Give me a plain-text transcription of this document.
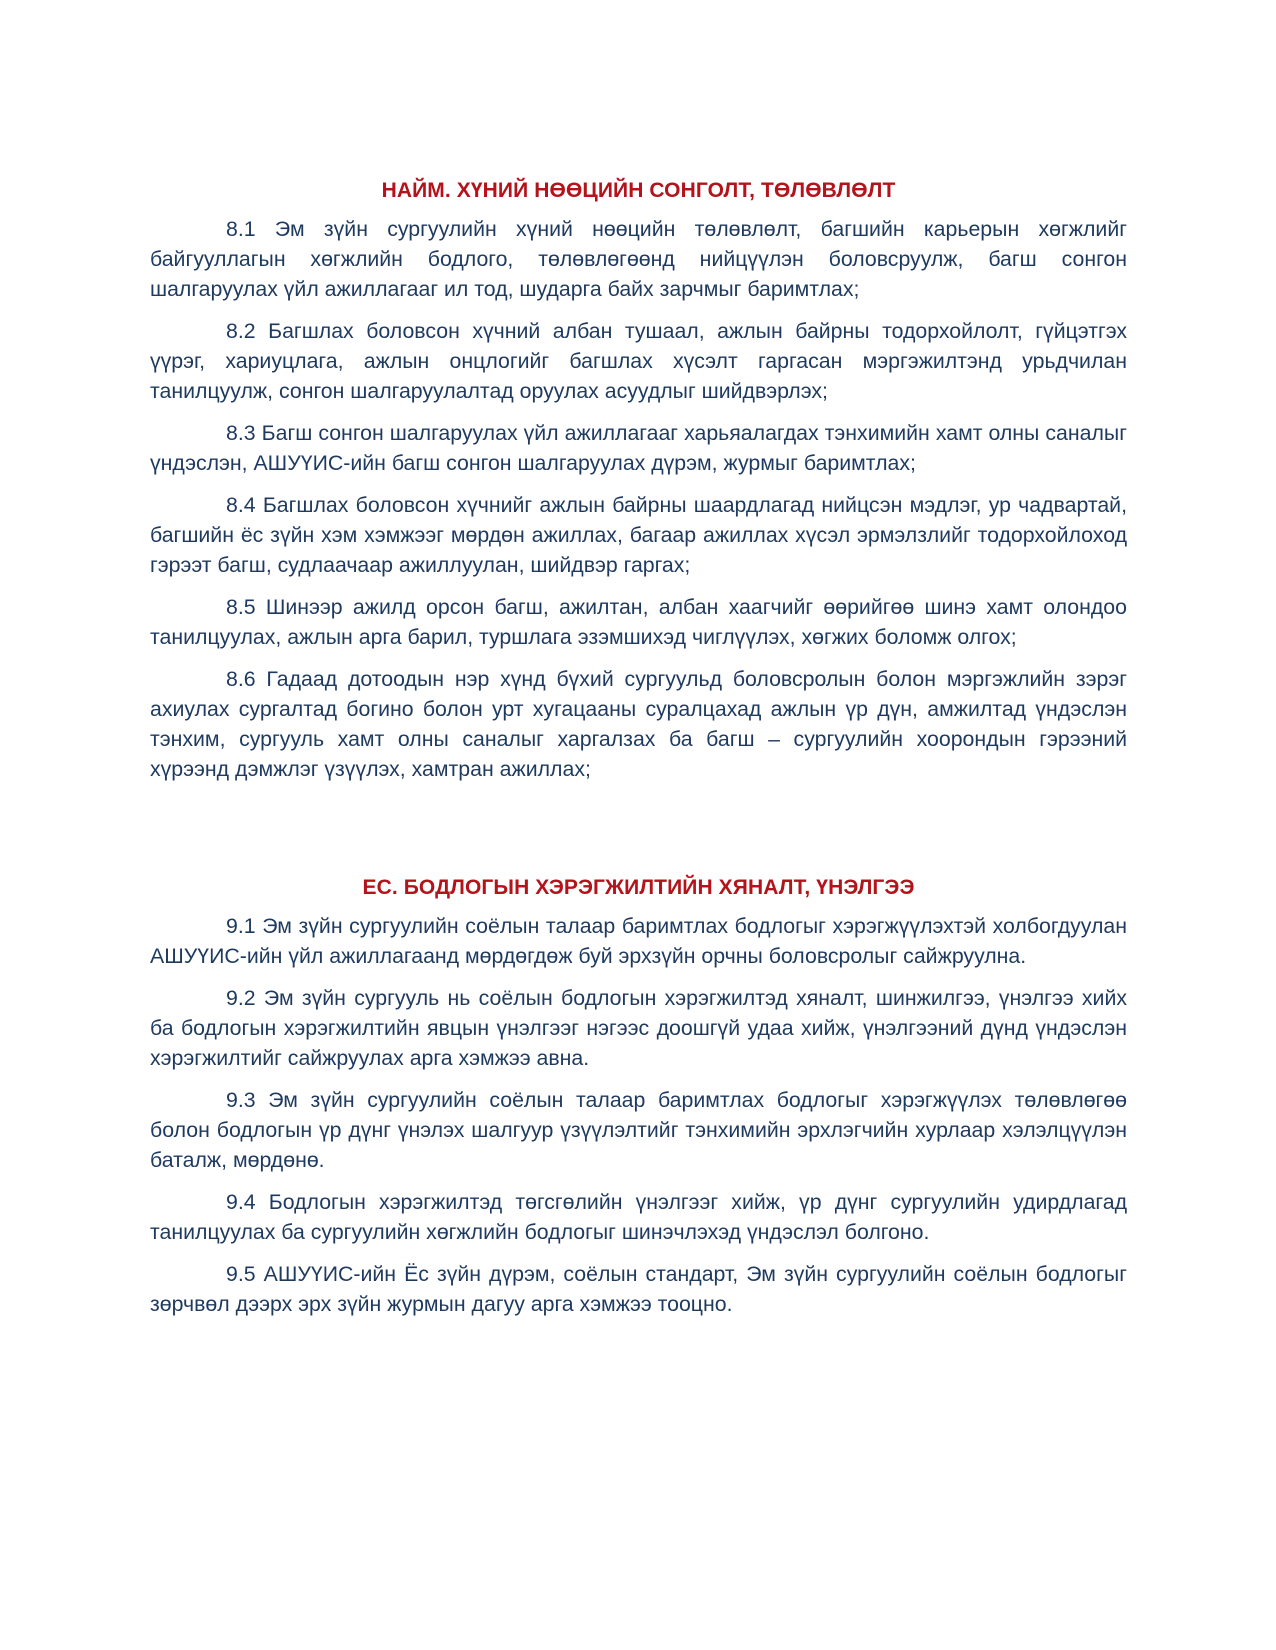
НАЙМ. ХҮНИЙ НӨӨЦИЙН СОНГОЛТ, ТӨЛӨВЛӨЛТ

8.1 Эм зүйн сургуулийн хүний нөөцийн төлөвлөлт, багшийн карьерын хөгжлийг байгууллагын хөгжлийн бодлого, төлөвлөгөөнд нийцүүлэн боловсруулж, багш сонгон шалгаруулах үйл ажиллагааг ил тод, шударга байх зарчмыг баримтлах;

8.2 Багшлах боловсон хүчний албан тушаал, ажлын байрны тодорхойлолт, гүйцэтгэх үүрэг, хариуцлага, ажлын онцлогийг багшлах хүсэлт гаргасан мэргэжилтэнд урьдчилан танилцуулж, сонгон шалгаруулалтад оруулах асуудлыг шийдвэрлэх;

8.3 Багш сонгон шалгаруулах үйл ажиллагааг харьяалагдах тэнхимийн хамт олны саналыг үндэслэн, АШУҮИС-ийн багш сонгон шалгаруулах дүрэм, журмыг баримтлах;

8.4 Багшлах боловсон хүчнийг ажлын байрны шаардлагад нийцсэн мэдлэг, ур чадвартай, багшийн ёс зүйн хэм хэмжээг мөрдөн ажиллах, багаар ажиллах хүсэл эрмэлзлийг тодорхойлоход гэрээт багш, судлаачаар ажиллуулан, шийдвэр гаргах;

8.5 Шинээр ажилд орсон багш, ажилтан, албан хаагчийг өөрийгөө шинэ хамт олондоо танилцуулах, ажлын арга барил, туршлага эзэмшихэд чиглүүлэх, хөгжих боломж олгох;

8.6 Гадаад дотоодын нэр хүнд бүхий сургуульд боловсролын болон мэргэжлийн зэрэг ахиулах сургалтад богино болон урт хугацааны суралцахад ажлын үр дүн, амжилтад үндэслэн тэнхим, сургууль хамт олны саналыг харгалзах ба багш – сургуулийн хоорондын гэрээний хүрээнд дэмжлэг үзүүлэх, хамтран ажиллах;

ЕС. БОДЛОГЫН ХЭРЭГЖИЛТИЙН ХЯНАЛТ, ҮНЭЛГЭЭ

9.1 Эм зүйн сургуулийн соёлын талаар баримтлах бодлогыг хэрэгжүүлэхтэй холбогдуулан АШУҮИС-ийн үйл ажиллагаанд мөрдөгдөж буй эрхзүйн орчны боловсролыг сайжруулна.

9.2 Эм зүйн сургууль нь соёлын бодлогын хэрэгжилтэд хяналт, шинжилгээ, үнэлгээ хийх ба бодлогын хэрэгжилтийн явцын үнэлгээг нэгээс доошгүй удаа хийж, үнэлгээний дүнд үндэслэн хэрэгжилтийг сайжруулах арга хэмжээ авна.

9.3 Эм зүйн сургуулийн соёлын талаар баримтлах бодлогыг хэрэгжүүлэх төлөвлөгөө болон бодлогын үр дүнг үнэлэх шалгуур үзүүлэлтийг тэнхимийн эрхлэгчийн хурлаар хэлэлцүүлэн баталж, мөрдөнө.

9.4 Бодлогын хэрэгжилтэд төгсгөлийн үнэлгээг хийж, үр дүнг сургуулийн удирдлагад танилцуулах ба сургуулийн хөгжлийн бодлогыг шинэчлэхэд үндэслэл болгоно.

9.5 АШУҮИС-ийн Ёс зүйн дүрэм, соёлын стандарт, Эм зүйн сургуулийн соёлын бодлогыг зөрчвөл дээрх эрх зүйн журмын дагуу арга хэмжээ тооцно.
